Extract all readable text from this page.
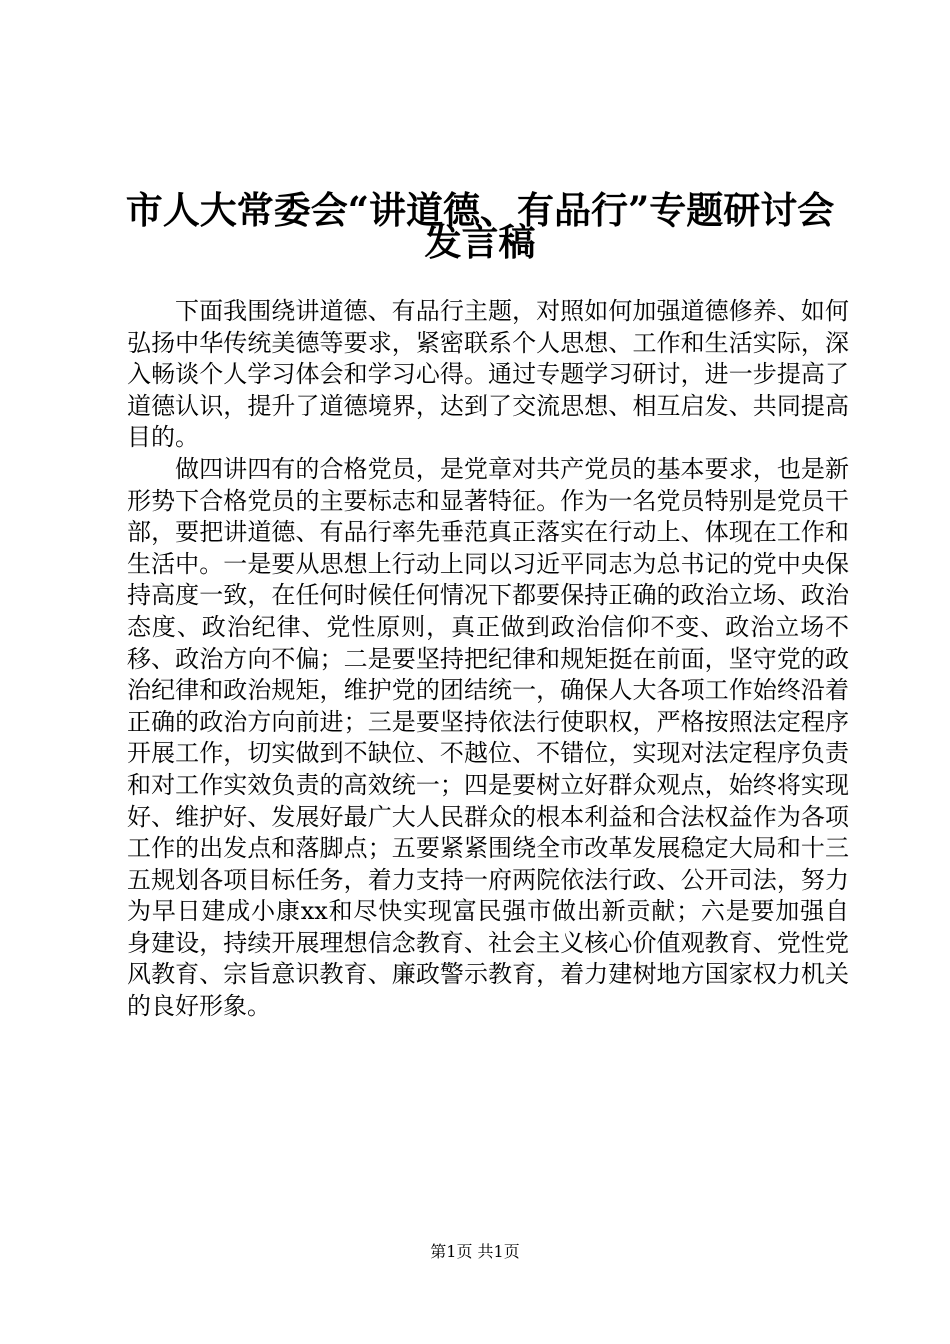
市人大常委会“讲道德、有品行”专题研讨会
发言稿

下面我围绕讲道德、有品行主题，对照如何加强道德修养、如何弘扬中华传统美德等要求，紧密联系个人思想、工作和生活实际，深入畅谈个人学习体会和学习心得。通过专题学习研讨，进一步提高了道德认识，提升了道德境界，达到了交流思想、相互启发、共同提高目的。

做四讲四有的合格党员，是党章对共产党员的基本要求，也是新形势下合格党员的主要标志和显著特征。作为一名党员特别是党员干部，要把讲道德、有品行率先垂范真正落实在行动上、体现在工作和生活中。一是要从思想上行动上同以习近平同志为总书记的党中央保持高度一致，在任何时候任何情况下都要保持正确的政治立场、政治态度、政治纪律、党性原则，真正做到政治信仰不变、政治立场不移、政治方向不偏；二是要坚持把纪律和规矩挺在前面，坚守党的政治纪律和政治规矩，维护党的团结统一，确保人大各项工作始终沿着正确的政治方向前进；三是要坚持依法行使职权，严格按照法定程序开展工作，切实做到不缺位、不越位、不错位，实现对法定程序负责和对工作实效负责的高效统一；四是要树立好群众观点，始终将实现好、维护好、发展好最广大人民群众的根本利益和合法权益作为各项工作的出发点和落脚点；五要紧紧围绕全市改革发展稳定大局和十三五规划各项目标任务，着力支持一府两院依法行政、公开司法，努力为早日建成小康xx和尽快实现富民强市做出新贡献；六是要加强自身建设，持续开展理想信念教育、社会主义核心价值观教育、党性党风教育、宗旨意识教育、廉政警示教育，着力建树地方国家权力机关的良好形象。

第1页 共1页
